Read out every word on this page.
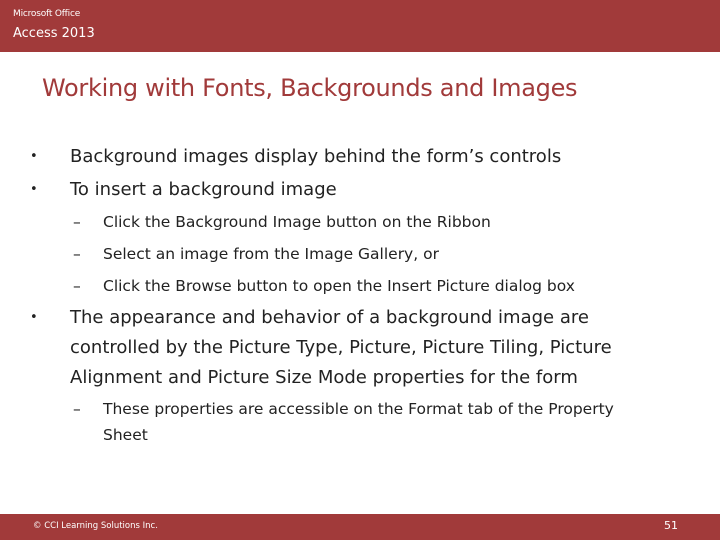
Microsoft Office
Access 2013
Working with Fonts, Backgrounds and Images
• Background images display behind the form’s controls
• To insert a background image
– Click the Background Image button on the Ribbon
– Select an image from the Image Gallery, or
– Click the Browse button to open the Insert Picture dialog box
• The appearance and behavior of a background image are
controlled by the Picture Type, Picture, Picture Tiling, Picture
Alignment and Picture Size Mode properties for the form
– These properties are accessible on the Format tab of the Property
Sheet
© CCI Learning Solutions Inc.	51
